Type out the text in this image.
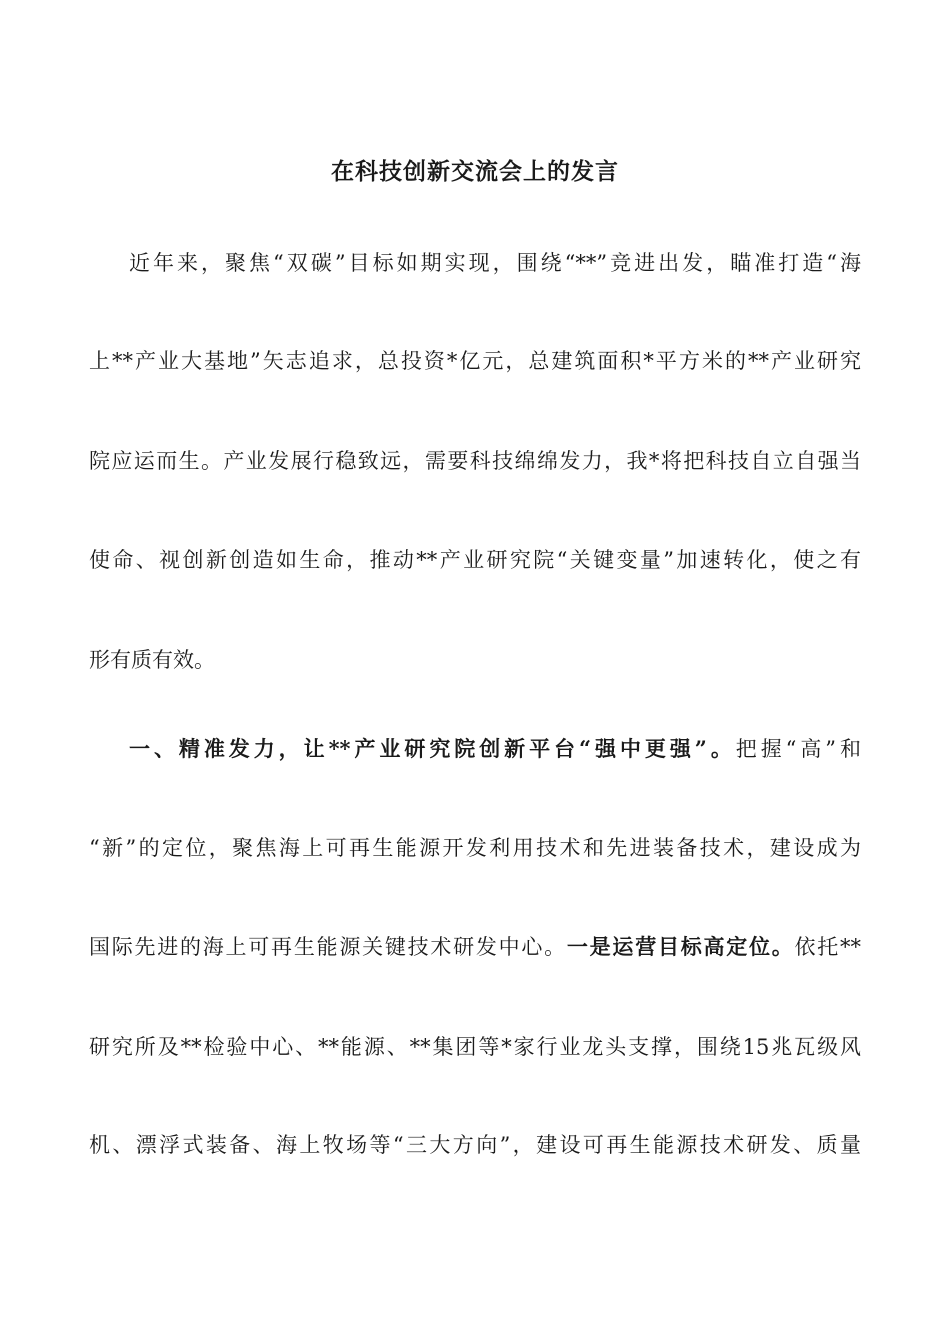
在科技创新交流会上的发言
近年来，聚焦“双碳”目标如期实现，围绕“**”竞进出发，瞄准打造“海
上**产业大基地”矢志追求，总投资*亿元，总建筑面积*平方米的**产业研究
院应运而生。产业发展行稳致远，需要科技绵绵发力，我*将把科技自立自强当
使命、视创新创造如生命，推动**产业研究院“关键变量”加速转化，使之有
形有质有效。
一、精准发力，让**产业研究院创新平台“强中更强”。把握“高”和
“新”的定位，聚焦海上可再生能源开发利用技术和先进装备技术，建设成为
国际先进的海上可再生能源关键技术研发中心。一是运营目标高定位。依托**
研究所及**检验中心、**能源、**集团等*家行业龙头支撑，围绕15兆瓦级风
机、漂浮式装备、海上牧场等“三大方向”，建设可再生能源技术研发、质量
